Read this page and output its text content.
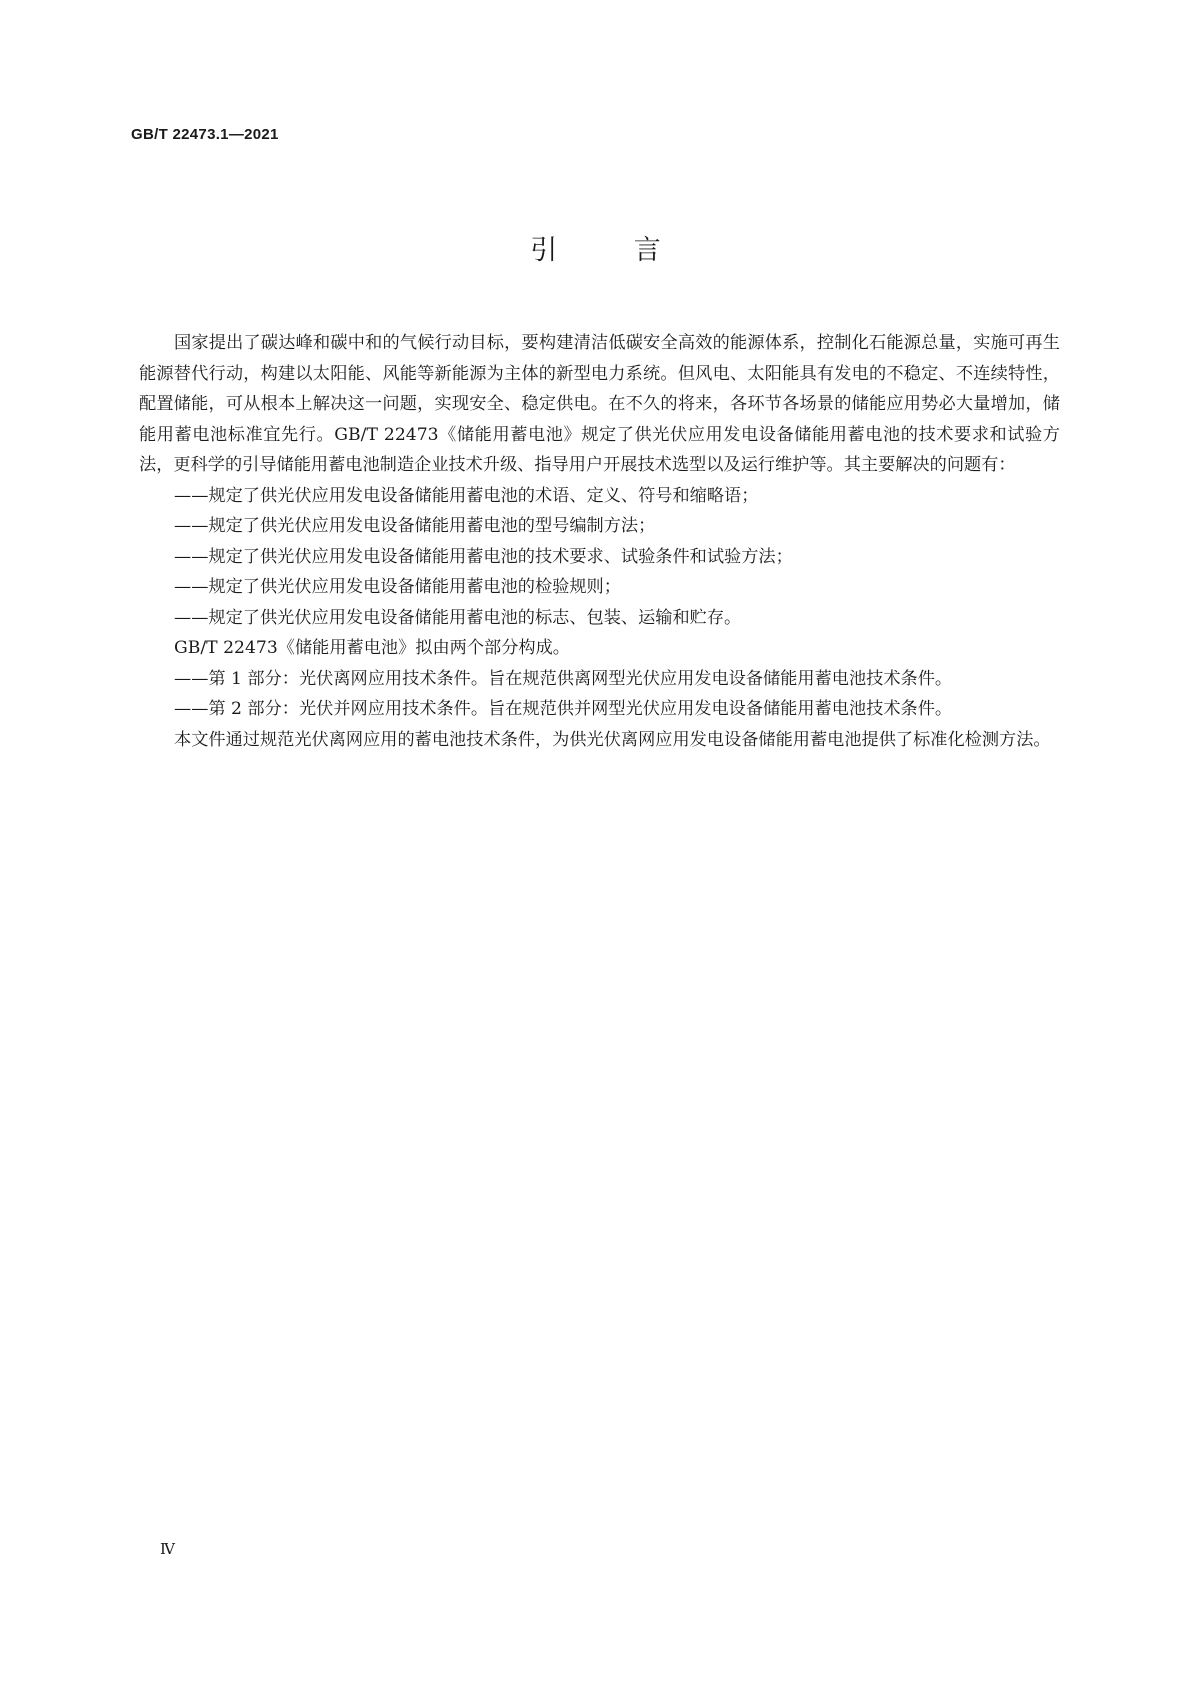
GB/T 22473.1—2021
引 言

国家提出了碳达峰和碳中和的气候行动目标，要构建清洁低碳安全高效的能源体系，控制化石能源总量，实施可再生能源替代行动，构建以太阳能、风能等新能源为主体的新型电力系统。但风电、太阳能具有发电的不稳定、不连续特性，配置储能，可从根本上解决这一问题，实现安全、稳定供电。在不久的将来，各环节各场景的储能应用势必大量增加，储能用蓄电池标准宜先行。GB/T 22473《储能用蓄电池》规定了供光伏应用发电设备储能用蓄电池的技术要求和试验方法，更科学的引导储能用蓄电池制造企业技术升级、指导用户开展技术选型以及运行维护等。其主要解决的问题有：

——规定了供光伏应用发电设备储能用蓄电池的术语、定义、符号和缩略语；

——规定了供光伏应用发电设备储能用蓄电池的型号编制方法；

——规定了供光伏应用发电设备储能用蓄电池的技术要求、试验条件和试验方法；

——规定了供光伏应用发电设备储能用蓄电池的检验规则；

——规定了供光伏应用发电设备储能用蓄电池的标志、包装、运输和贮存。

GB/T 22473《储能用蓄电池》拟由两个部分构成。

——第 1 部分：光伏离网应用技术条件。旨在规范供离网型光伏应用发电设备储能用蓄电池技术条件。

——第 2 部分：光伏并网应用技术条件。旨在规范供并网型光伏应用发电设备储能用蓄电池技术条件。

本文件通过规范光伏离网应用的蓄电池技术条件，为供光伏离网应用发电设备储能用蓄电池提供了标准化检测方法。

Ⅳ
